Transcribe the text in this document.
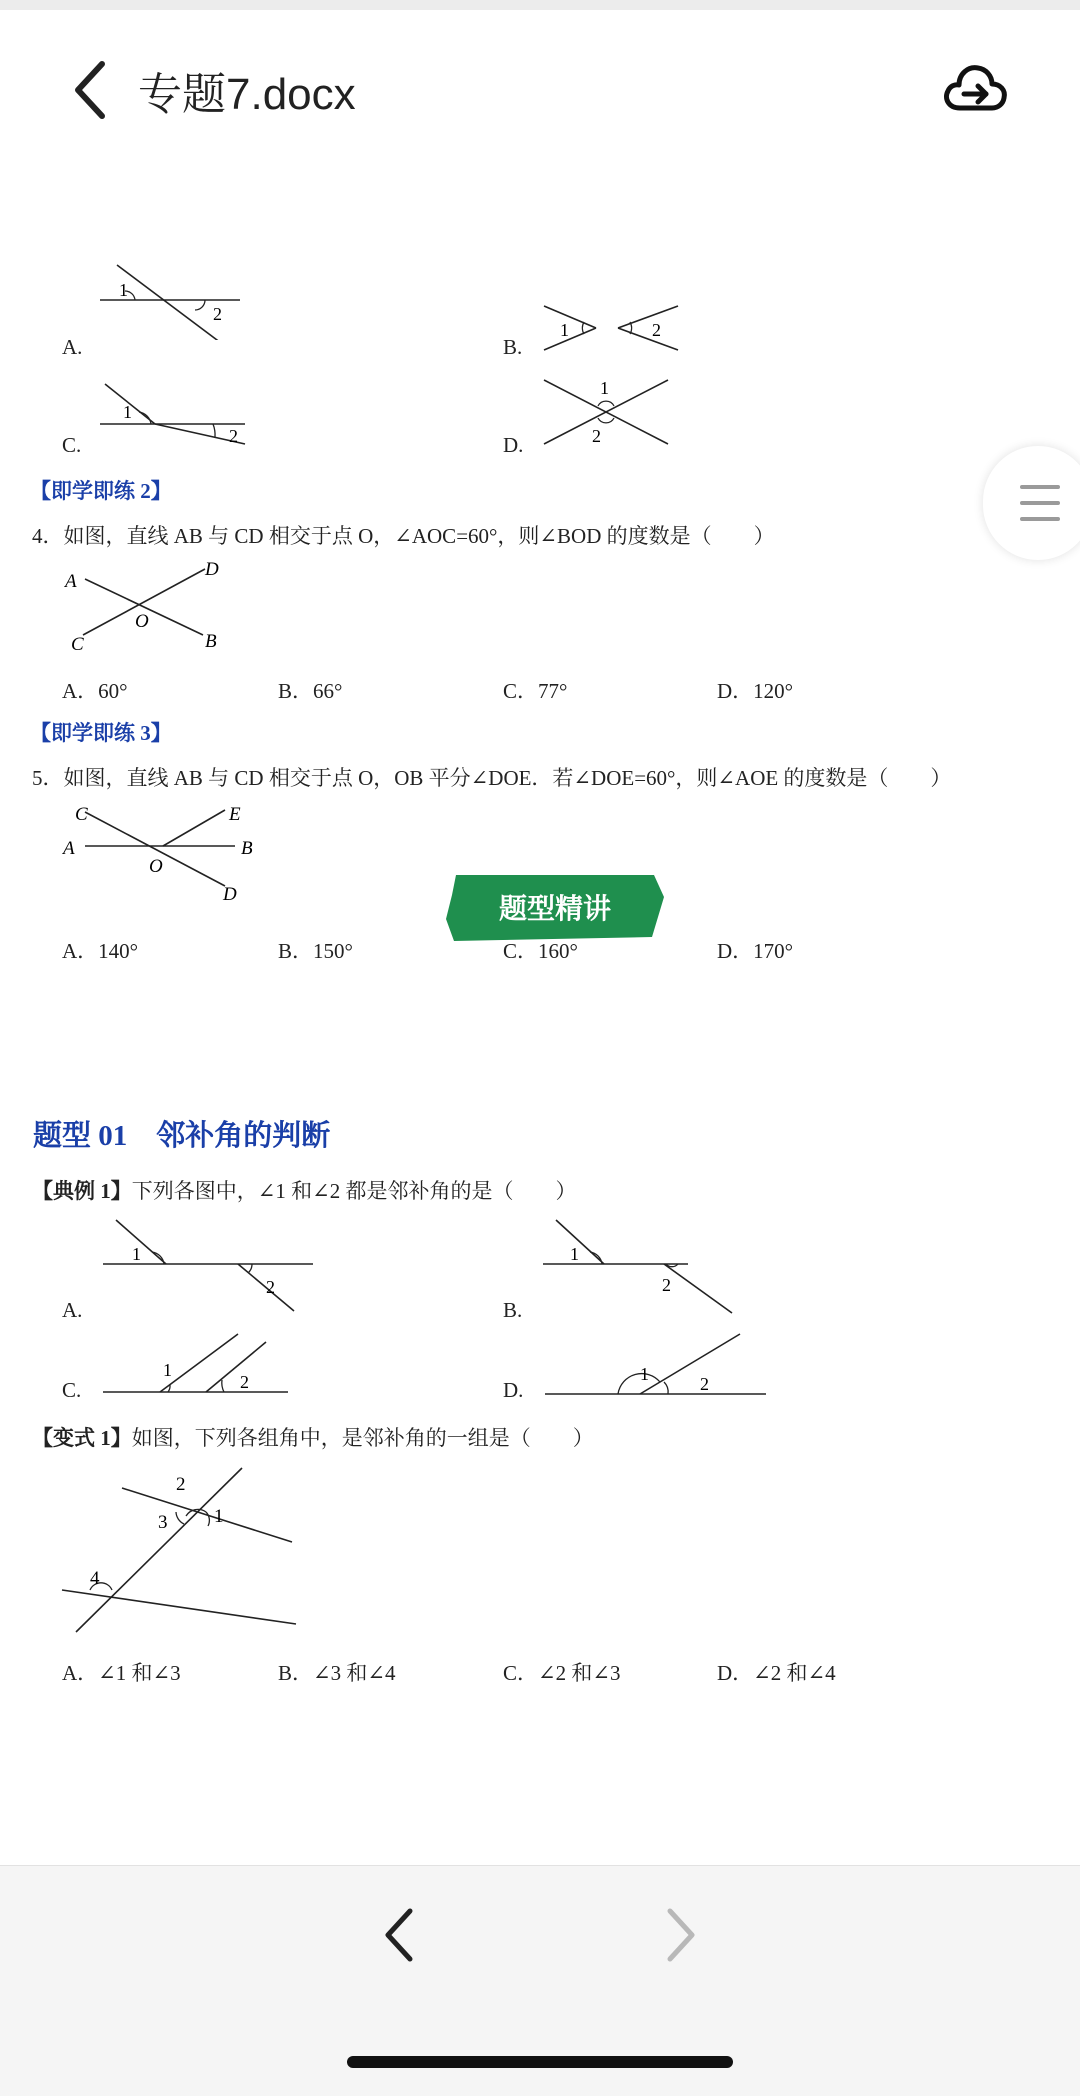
专题7.docx
A.
1
2
B.
1	2
C.
1
2	D.
1
2
【即学即练 2】
4．如图，直线 AB 与 CD 相交于点 O，∠AOC=60°，则∠BOD 的度数是（　　）
A
D
C	B
O
A．60°	B．66°	C．77°	D．120°
【即学即练 3】
5．如图，直线 AB 与 CD 相交于点 O，OB 平分∠DOE．若∠DOE=60°，则∠AOE 的度数是（　　）
C	E
A	B
O
D
A．140°	B．150°	C．160°	D．170°
题型 01　邻补角的判断
【典例 1】下列各图中，∠1 和∠2 都是邻补角的是（　　）
A.
1
2
B.
1
2
C.
1
2	D.
1	2
【变式 1】如图，下列各组角中，是邻补角的一组是（　　）
1
2
3
4
A．∠1 和∠3	B．∠3 和∠4	C．∠2 和∠3	D．∠2 和∠4
题型精讲
